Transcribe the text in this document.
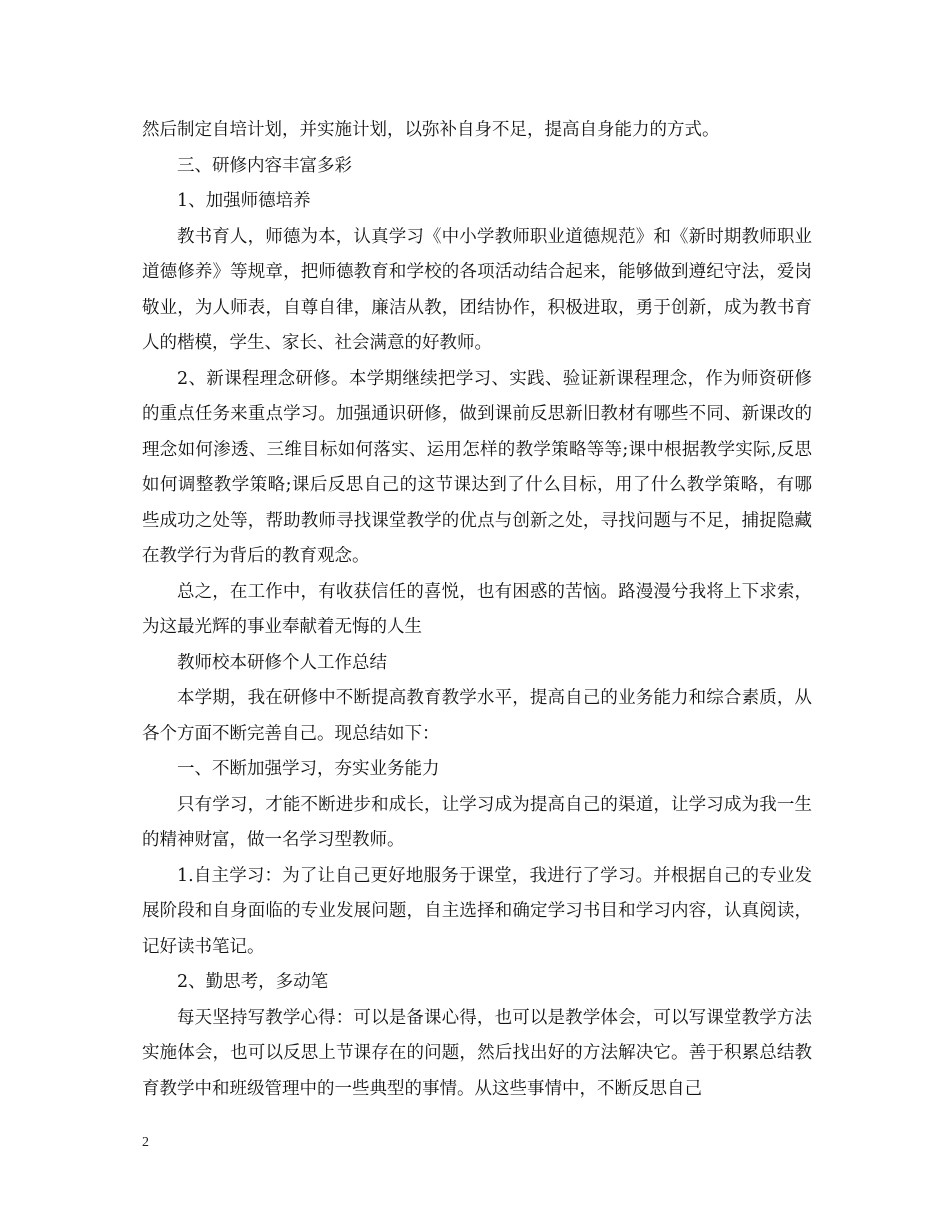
然后制定自培计划，并实施计划，以弥补自身不足，提高自身能力的方式。

三、研修内容丰富多彩

1、加强师德培养

教书育人，师德为本，认真学习《中小学教师职业道德规范》和《新时期教师职业道德修养》等规章，把师德教育和学校的各项活动结合起来，能够做到遵纪守法，爱岗敬业，为人师表，自尊自律，廉洁从教，团结协作，积极进取，勇于创新，成为教书育人的楷模，学生、家长、社会满意的好教师。

2、新课程理念研修。本学期继续把学习、实践、验证新课程理念，作为师资研修的重点任务来重点学习。加强通识研修，做到课前反思新旧教材有哪些不同、新课改的理念如何渗透、三维目标如何落实、运用怎样的教学策略等等;课中根据教学实际,反思如何调整教学策略;课后反思自己的这节课达到了什么目标，用了什么教学策略，有哪些成功之处等，帮助教师寻找课堂教学的优点与创新之处，寻找问题与不足，捕捉隐藏在教学行为背后的教育观念。

总之，在工作中，有收获信任的喜悦，也有困惑的苦恼。路漫漫兮我将上下求索，为这最光辉的事业奉献着无悔的人生

教师校本研修个人工作总结

本学期，我在研修中不断提高教育教学水平，提高自己的业务能力和综合素质，从各个方面不断完善自己。现总结如下：

一、不断加强学习，夯实业务能力

只有学习，才能不断进步和成长，让学习成为提高自己的渠道，让学习成为我一生的精神财富，做一名学习型教师。

1.自主学习：为了让自己更好地服务于课堂，我进行了学习。并根据自己的专业发展阶段和自身面临的专业发展问题，自主选择和确定学习书目和学习内容，认真阅读，记好读书笔记。

2、勤思考，多动笔

每天坚持写教学心得：可以是备课心得，也可以是教学体会，可以写课堂教学方法实施体会，也可以反思上节课存在的问题，然后找出好的方法解决它。善于积累总结教育教学中和班级管理中的一些典型的事情。从这些事情中，不断反思自己

2
